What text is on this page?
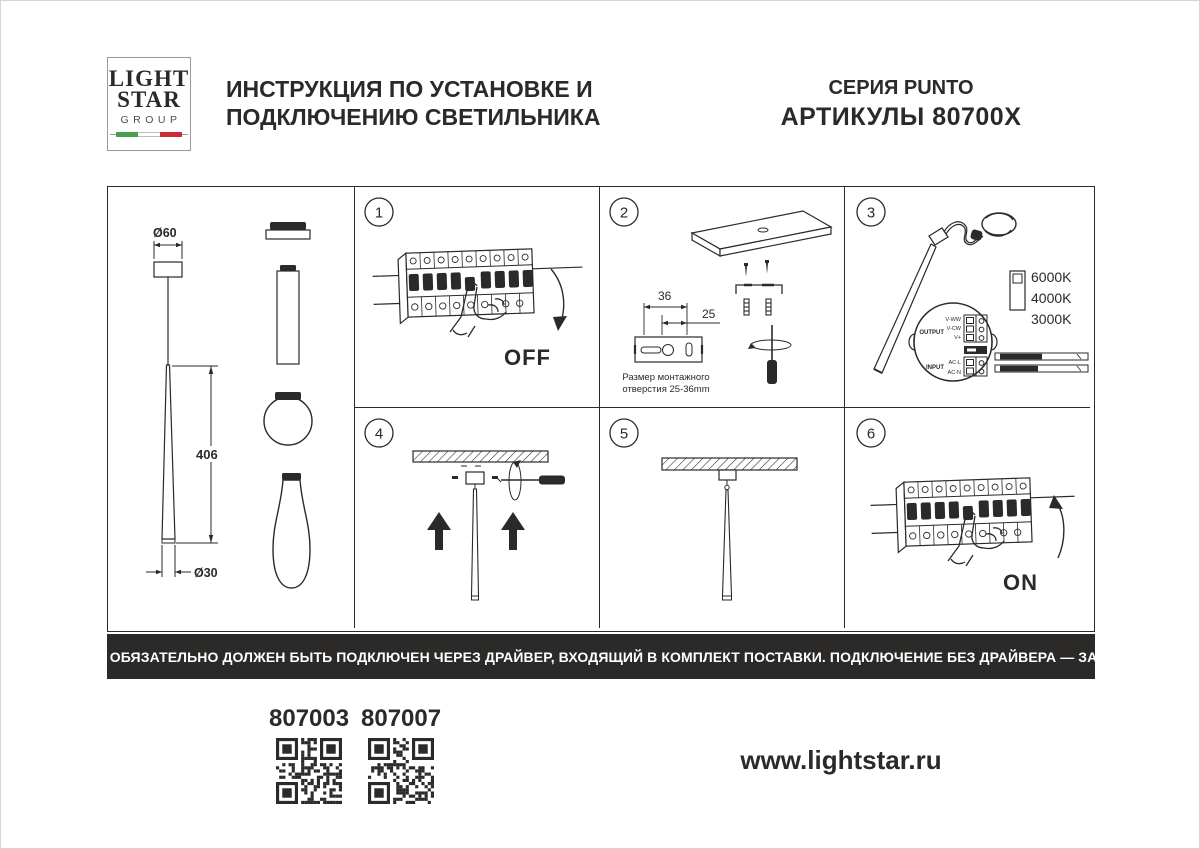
LIGHT
STAR
GROUP
ИНСТРУКЦИЯ ПО УСТАНОВКЕ И
ПОДКЛЮЧЕНИЮ СВЕТИЛЬНИКА
СЕРИЯ PUNTO
АРТИКУЛЫ 80700X
Ø60
406
Ø30
1
OFF
2
36
25
Размер монтажного
отверстия 25-36mm
3
6000K
4000K
3000K
OUTPUT
INPUT
V-WW
V-CW
V+
AC-L
AC-N
Brown line-L
Blue line-N
4	5	6
ON
СВЕТИЛЬНИК ОБЯЗАТЕЛЬНО ДОЛЖЕН БЫТЬ ПОДКЛЮЧЕН ЧЕРЕЗ ДРАЙВЕР, ВХОДЯЩИЙ В КОМПЛЕКТ ПОСТАВКИ. ПОДКЛЮЧЕНИЕ БЕЗ ДРАЙВЕРА — ЗАПРЕЩАЕТСЯ!
807003 807007
www.lightstar.ru
